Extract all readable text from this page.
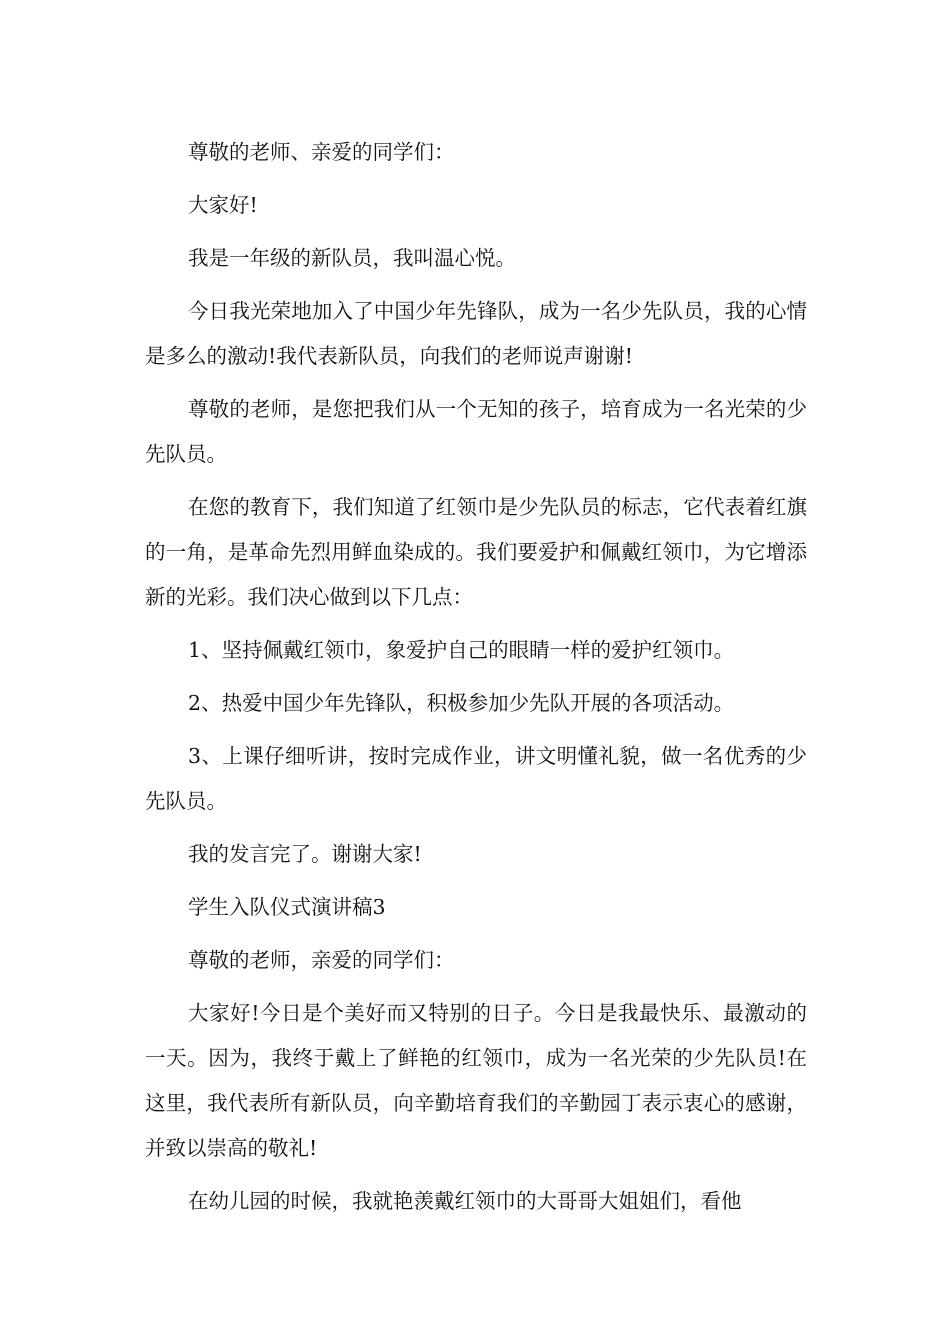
尊敬的老师、亲爱的同学们：

大家好!

我是一年级的新队员，我叫温心悦。

今日我光荣地加入了中国少年先锋队，成为一名少先队员，我的心情是多么的激动!我代表新队员，向我们的老师说声谢谢!

尊敬的老师，是您把我们从一个无知的孩子，培育成为一名光荣的少先队员。

在您的教育下，我们知道了红领巾是少先队员的标志，它代表着红旗的一角，是革命先烈用鲜血染成的。我们要爱护和佩戴红领巾，为它增添新的光彩。我们决心做到以下几点：

1、坚持佩戴红领巾，象爱护自己的眼睛一样的爱护红领巾。

2、热爱中国少年先锋队，积极参加少先队开展的各项活动。

3、上课仔细听讲，按时完成作业，讲文明懂礼貌，做一名优秀的少先队员。

我的发言完了。谢谢大家!

学生入队仪式演讲稿3

尊敬的老师，亲爱的同学们：

大家好!今日是个美好而又特别的日子。今日是我最快乐、最激动的一天。因为，我终于戴上了鲜艳的红领巾，成为一名光荣的少先队员!在这里，我代表所有新队员，向辛勤培育我们的辛勤园丁表示衷心的感谢，并致以崇高的敬礼!

在幼儿园的时候，我就艳羡戴红领巾的大哥哥大姐姐们，看他
